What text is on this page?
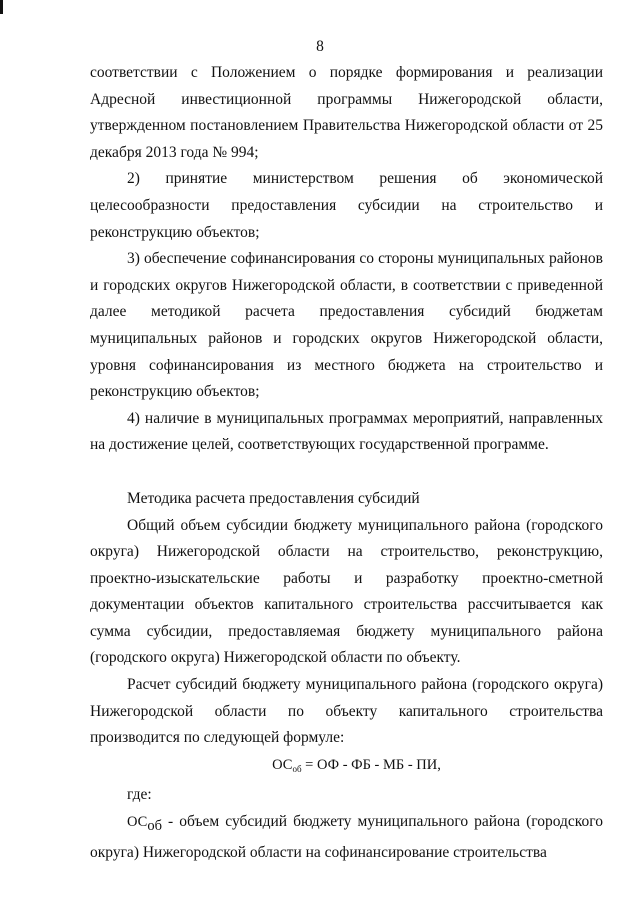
8

соответствии с Положением о порядке формирования и реализации Адресной инвестиционной программы Нижегородской области, утвержденном постановлением Правительства Нижегородской области от 25 декабря 2013 года № 994;

2) принятие министерством решения об экономической целесообразности предоставления субсидии на строительство и реконструкцию объектов;

3) обеспечение софинансирования со стороны муниципальных районов и городских округов Нижегородской области, в соответствии с приведенной далее методикой расчета предоставления субсидий бюджетам муниципальных районов и городских округов Нижегородской области, уровня софинансирования из местного бюджета на строительство и реконструкцию объектов;

4) наличие в муниципальных программах мероприятий, направленных на достижение целей, соответствующих государственной программе.

Методика расчета предоставления субсидий

Общий объем субсидии бюджету муниципального района (городского округа) Нижегородской области на строительство, реконструкцию, проектно-изыскательские работы и разработку проектно-сметной документации объектов капитального строительства рассчитывается как сумма субсидии, предоставляемая бюджету муниципального района (городского округа) Нижегородской области по объекту.

Расчет субсидий бюджету муниципального района (городского округа) Нижегородской области по объекту капитального строительства производится по следующей формуле:

$ОС_{об}$ = ОФ - ФБ - МБ - ПИ,

где:

$ОС_{об}$ - объем субсидий бюджету муниципального района (городского округа) Нижегородской области на софинансирование строительства
